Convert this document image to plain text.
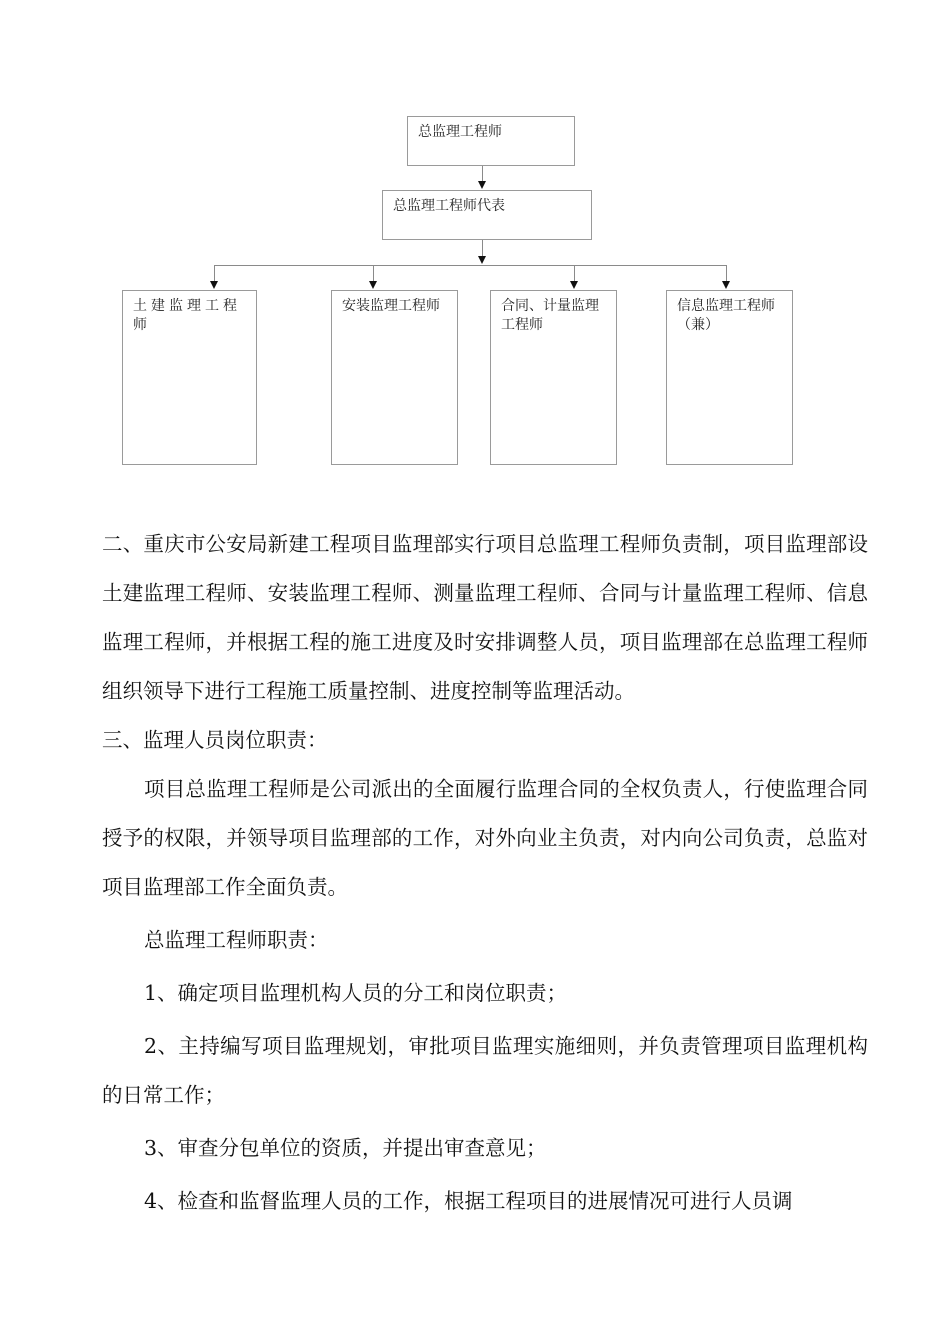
总监理工程师
总监理工程师代表
土建监理工程师
安装监理工程师	合同、计量监理工程师
信息监理工程师（兼）

二、重庆市公安局新建工程项目监理部实行项目总监理工程师负责制，项目监理部设土建监理工程师、安装监理工程师、测量监理工程师、合同与计量监理工程师、信息监理工程师，并根据工程的施工进度及时安排调整人员，项目监理部在总监理工程师组织领导下进行工程施工质量控制、进度控制等监理活动。

三、监理人员岗位职责：

项目总监理工程师是公司派出的全面履行监理合同的全权负责人，行使监理合同授予的权限，并领导项目监理部的工作，对外向业主负责，对内向公司负责，总监对项目监理部工作全面负责。

总监理工程师职责：

1、确定项目监理机构人员的分工和岗位职责；

2、主持编写项目监理规划，审批项目监理实施细则，并负责管理项目监理机构的日常工作；

3、审查分包单位的资质，并提出审查意见；

4、检查和监督监理人员的工作，根据工程项目的进展情况可进行人员调
